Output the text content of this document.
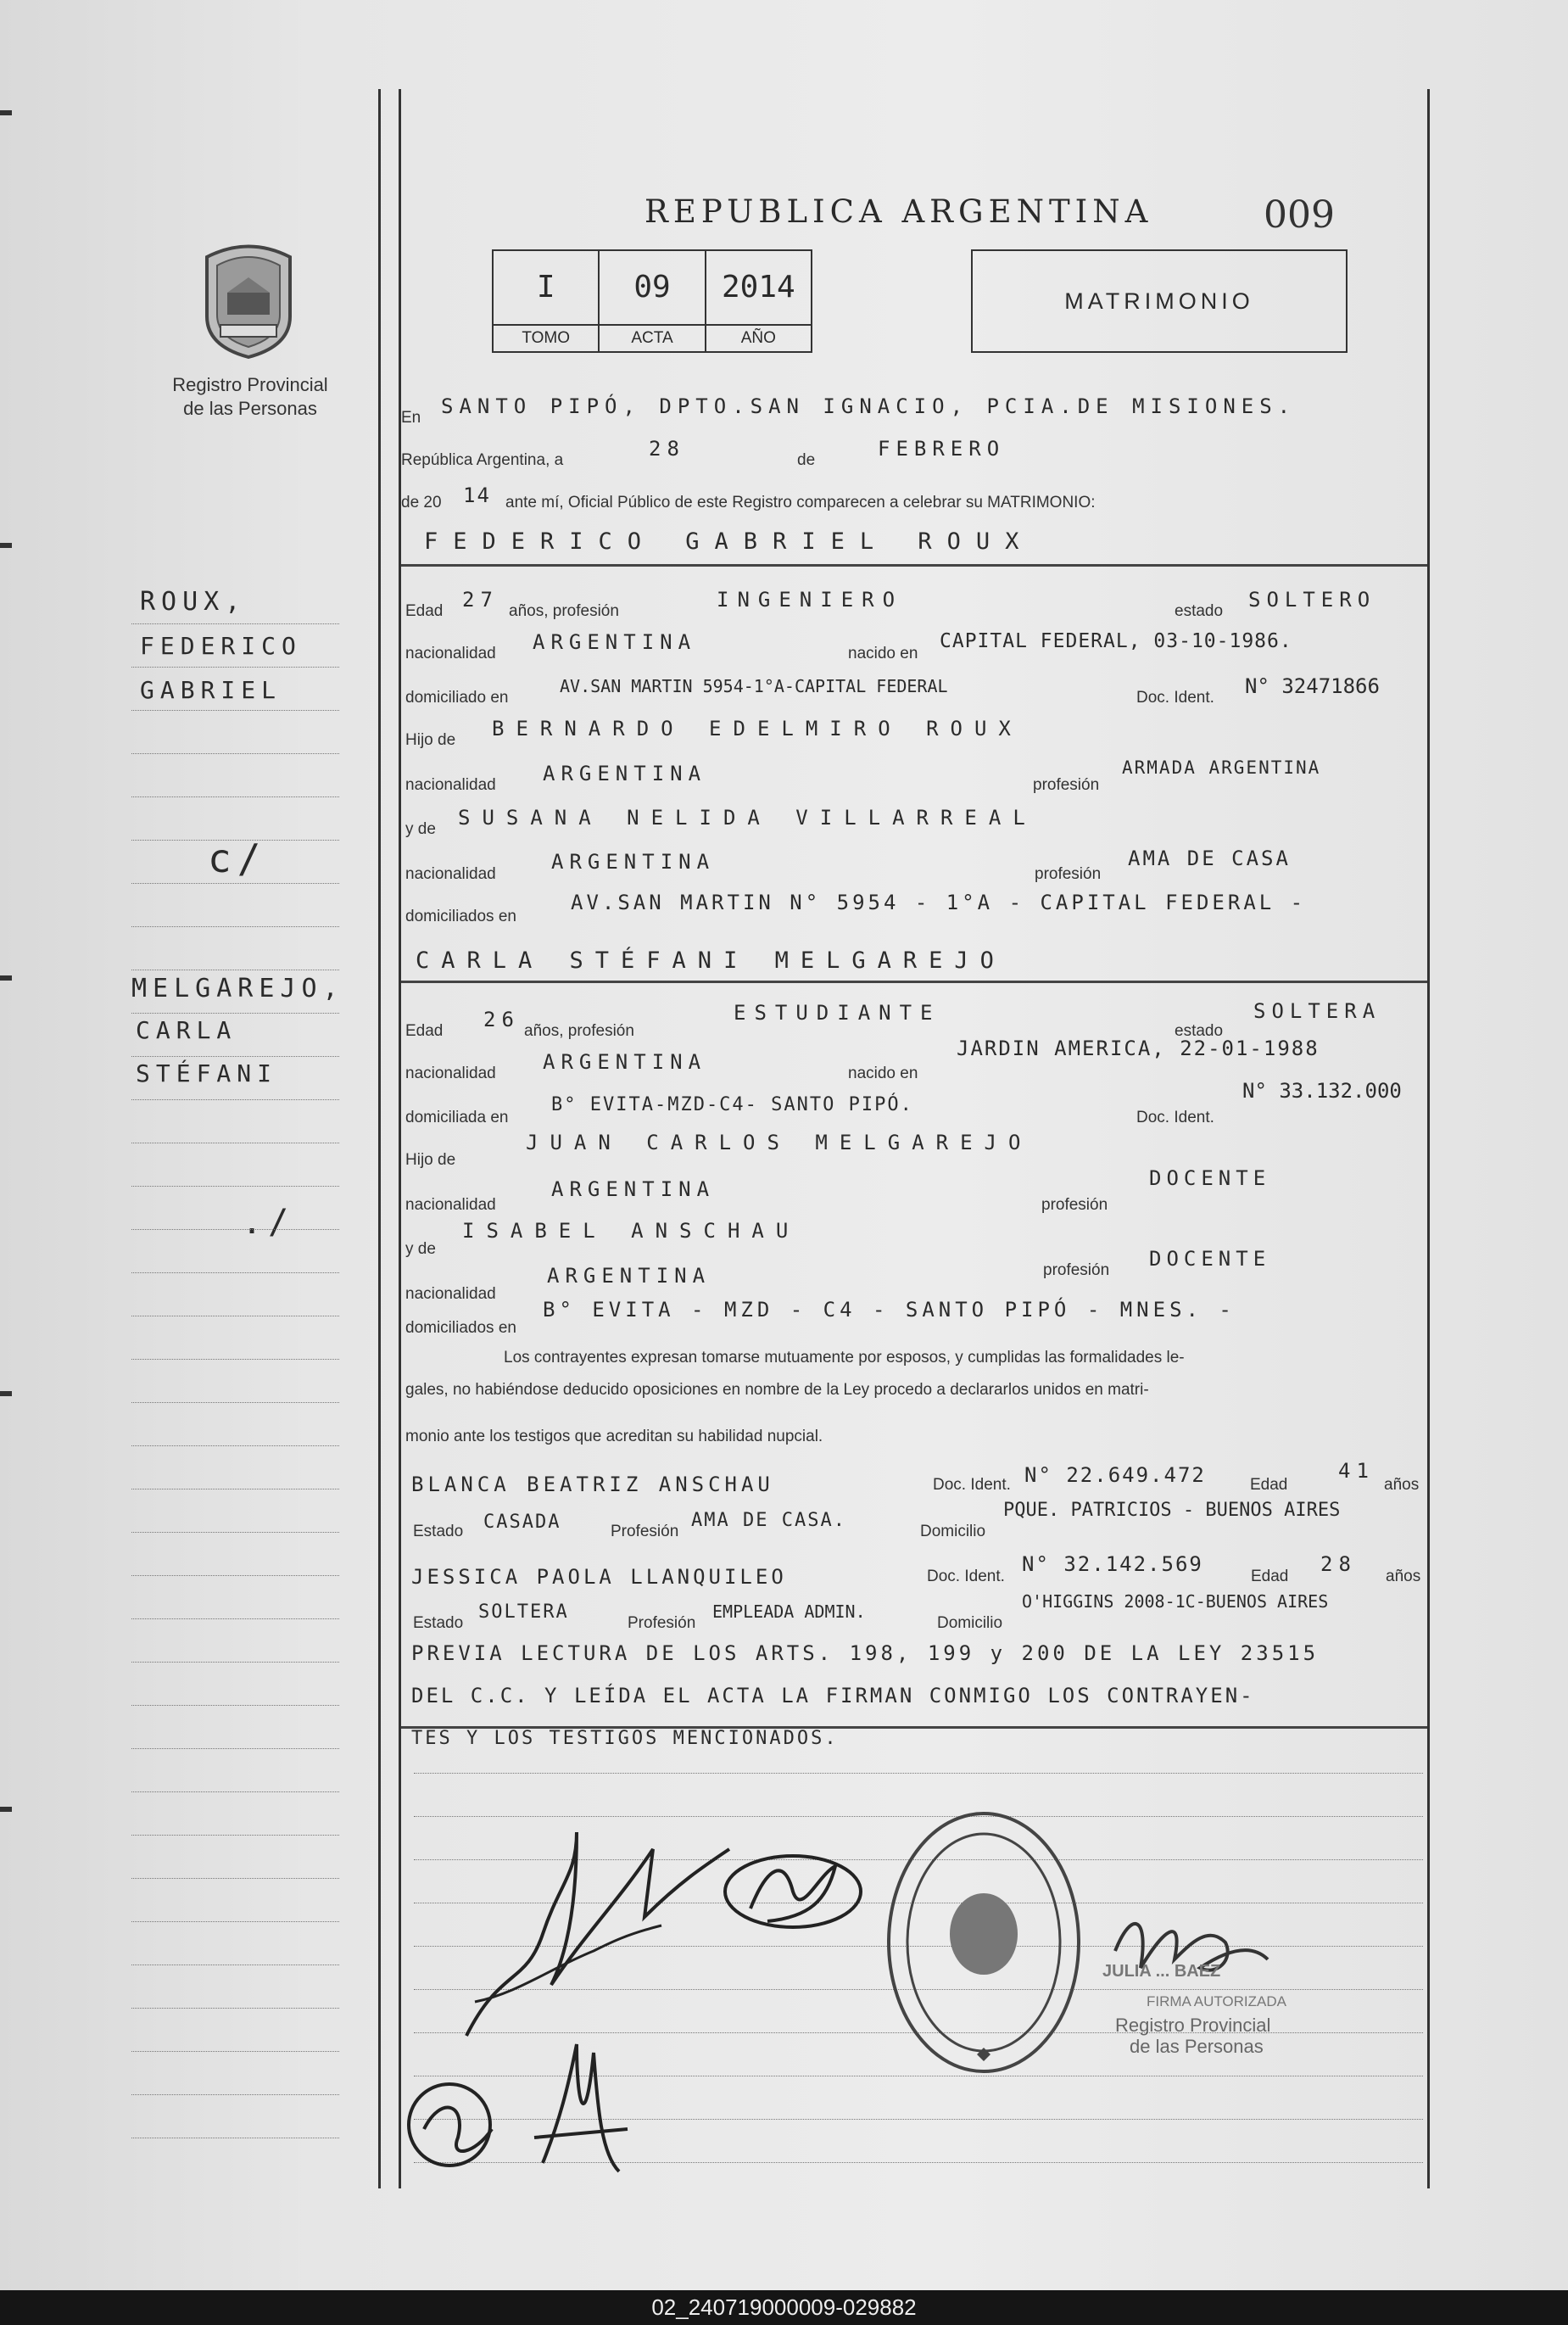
Registro Provincial
de las Personas
REPUBLICA ARGENTINA	009
I
TOMO
09
ACTA
2014
AÑO
MATRIMONIO
ROUX,
FEDERICO
GABRIEL
c/
MELGAREJO,
CARLA
STÉFANI
./
En SANTO PIPÓ, DPTO.SAN IGNACIO, PCIA.DE MISIONES.
República Argentina, a	28	de	FEBRERO
de 20 14 ante mí, Oficial Público de este Registro comparecen a celebrar su MATRIMONIO:
FEDERICO GABRIEL ROUX
Edad 27 años, profesión	INGENIERO	estado SOLTERO
nacionalidad ARGENTINA	nacido en
CAPITAL FEDERAL, 03-10-1986.
domiciliado en
AV.SAN MARTIN 5954-1°A-CAPITAL FEDERAL
Doc. Ident. N° 32471866
Hijo de BERNARDO EDELMIRO ROUX
nacionalidad ARGENTINA	profesión
ARMADA ARGENTINA
y de SUSANA NELIDA VILLARREAL
nacionalidad
ARGENTINA
profesión
AMA DE CASA
domiciliados en
AV.SAN MARTIN N° 5954 - 1°A - CAPITAL FEDERAL -
CARLA STÉFANI MELGAREJO
Edad 26 años, profesión
ESTUDIANTE
estado
SOLTERA
nacionalidad ARGENTINA	nacido en
JARDIN AMERICA, 22-01-1988
domiciliada en
B° EVITA-MZD-C4- SANTO PIPÓ.
Doc. Ident.
N° 33.132.000
Hijo de
JUAN CARLOS MELGAREJO
nacionalidad
ARGENTINA
profesión
DOCENTE
y de
ISABEL ANSCHAU
nacionalidad
ARGENTINA	profesión DOCENTE
domiciliados en
B° EVITA - MZD - C4 - SANTO PIPÓ - MNES. -
Los contrayentes expresan tomarse mutuamente por esposos, y cumplidas las formalidades le-
gales, no habiéndose deducido oposiciones en nombre de la Ley procedo a declararlos unidos en matri-
monio ante los testigos que acreditan su habilidad nupcial.
BLANCA BEATRIZ ANSCHAU	Doc. Ident. N° 22.649.472	Edad
41
años
Estado CASADA	Profesión
AMA DE CASA.
Domicilio
PQUE. PATRICIOS - BUENOS AIRES
JESSICA PAOLA LLANQUILEO	Doc. Ident.
N° 32.142.569
Edad
28
años
Estado
SOLTERA
Profesión
EMPLEADA ADMIN.
Domicilio
O'HIGGINS 2008-1C-BUENOS AIRES
PREVIA LECTURA DE LOS ARTS. 198, 199 y 200 DE LA LEY 23515
DEL C.C. Y LEÍDA EL ACTA LA FIRMAN CONMIGO LOS CONTRAYEN-
TES Y LOS TESTIGOS MENCIONADOS.
JULIA ... BAEZ
FIRMA AUTORIZADA
Registro Provincial
de las Personas
02_240719000009-029882
